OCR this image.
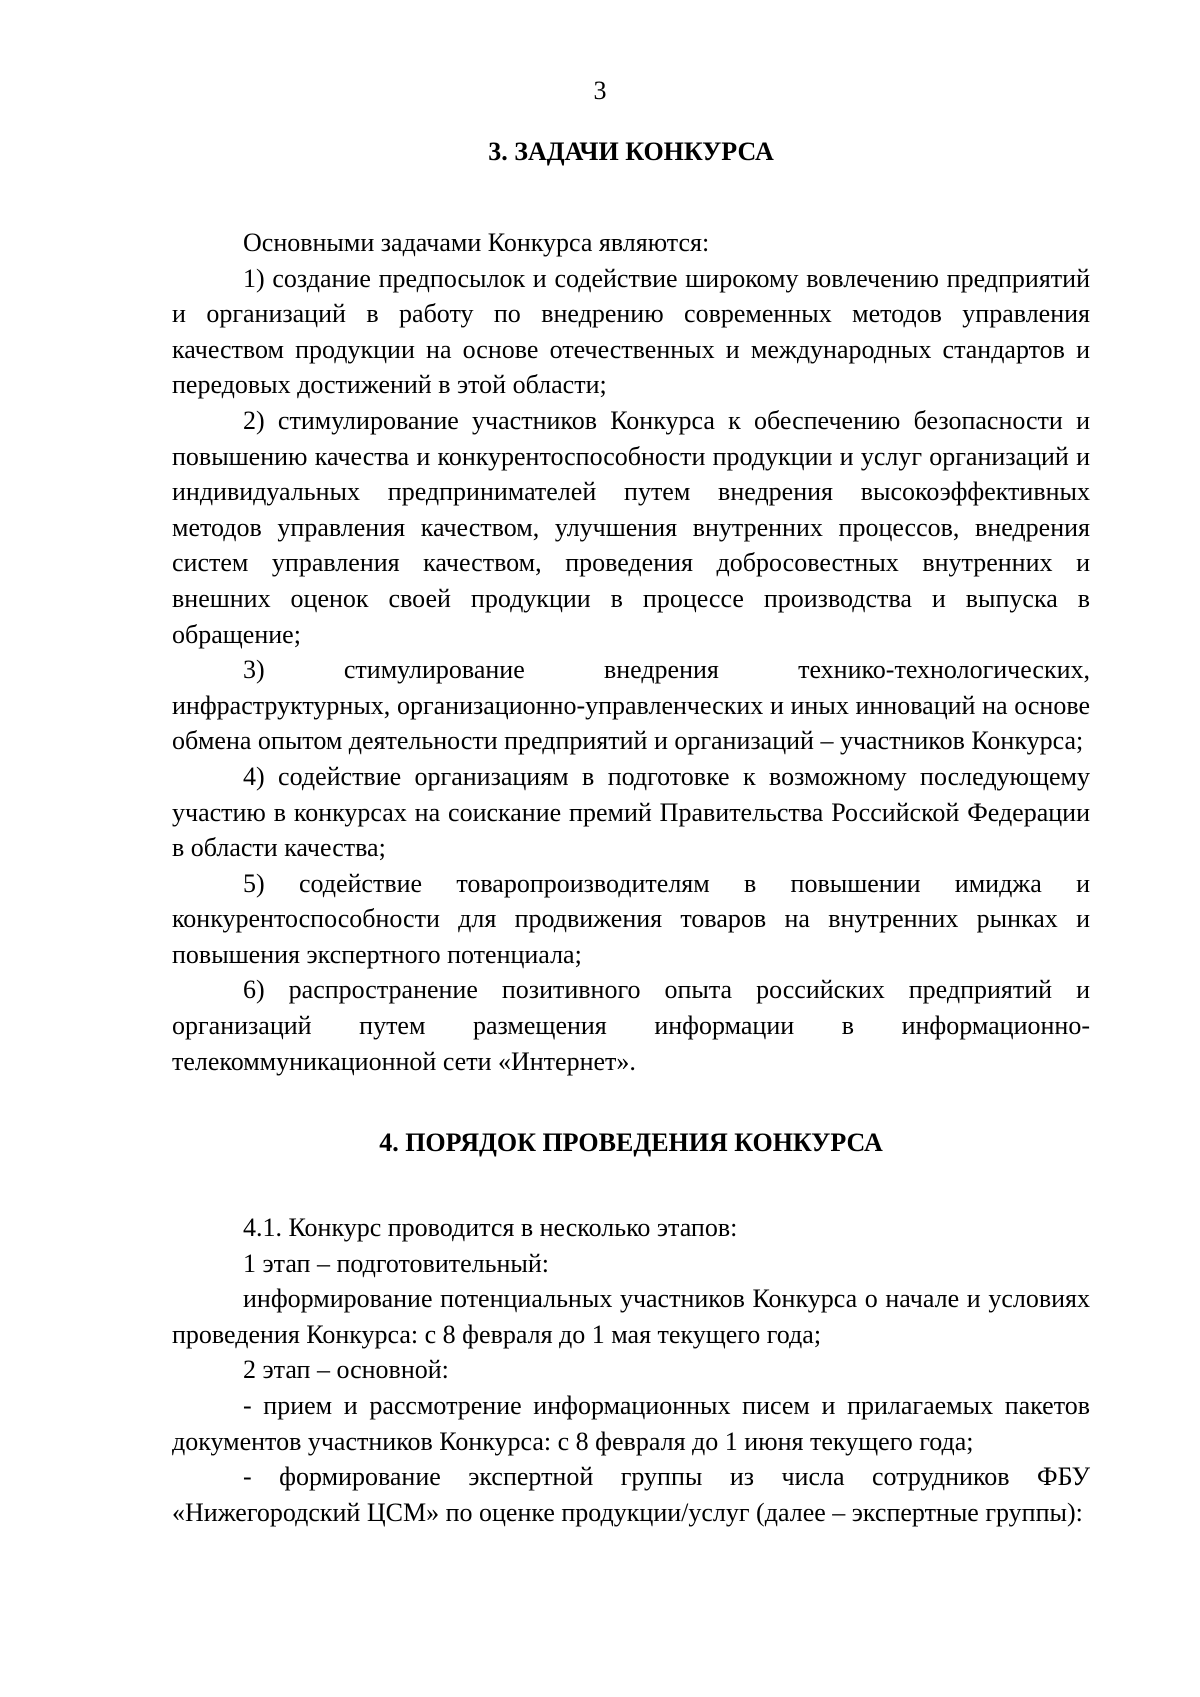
3
3. ЗАДАЧИ КОНКУРСА

Основными задачами Конкурса являются:

1) создание предпосылок и содействие широкому вовлечению предприятий и организаций в работу по внедрению современных методов управления качеством продукции на основе отечественных и международных стандартов и передовых достижений в этой области;

2) стимулирование участников Конкурса к обеспечению безопасности и повышению качества и конкурентоспособности продукции и услуг организаций и индивидуальных предпринимателей путем внедрения высокоэффективных методов управления качеством, улучшения внутренних процессов, внедрения систем управления качеством, проведения добросовестных внутренних и внешних оценок своей продукции в процессе производства и выпуска в обращение;

3) стимулирование внедрения технико-технологических, инфраструктурных, организационно-управленческих и иных инноваций на основе обмена опытом деятельности предприятий и организаций – участников Конкурса;

4) содействие организациям в подготовке к возможному последующему участию в конкурсах на соискание премий Правительства Российской Федерации в области качества;

5) содействие товаропроизводителям в повышении имиджа и конкурентоспособности для продвижения товаров на внутренних рынках и повышения экспертного потенциала;

6) распространение позитивного опыта российских предприятий и организаций путем размещения информации в информационно-телекоммуникационной сети «Интернет».

4. ПОРЯДОК ПРОВЕДЕНИЯ КОНКУРСА

4.1. Конкурс проводится в несколько этапов:

1 этап – подготовительный:

информирование потенциальных участников Конкурса о начале и условиях проведения Конкурса: с 8 февраля до 1 мая текущего года;

2 этап – основной:

- прием и рассмотрение информационных писем и прилагаемых пакетов документов участников Конкурса: с 8 февраля до 1 июня текущего года;

- формирование экспертной группы из числа сотрудников ФБУ «Нижегородский ЦСМ» по оценке продукции/услуг (далее – экспертные группы):
